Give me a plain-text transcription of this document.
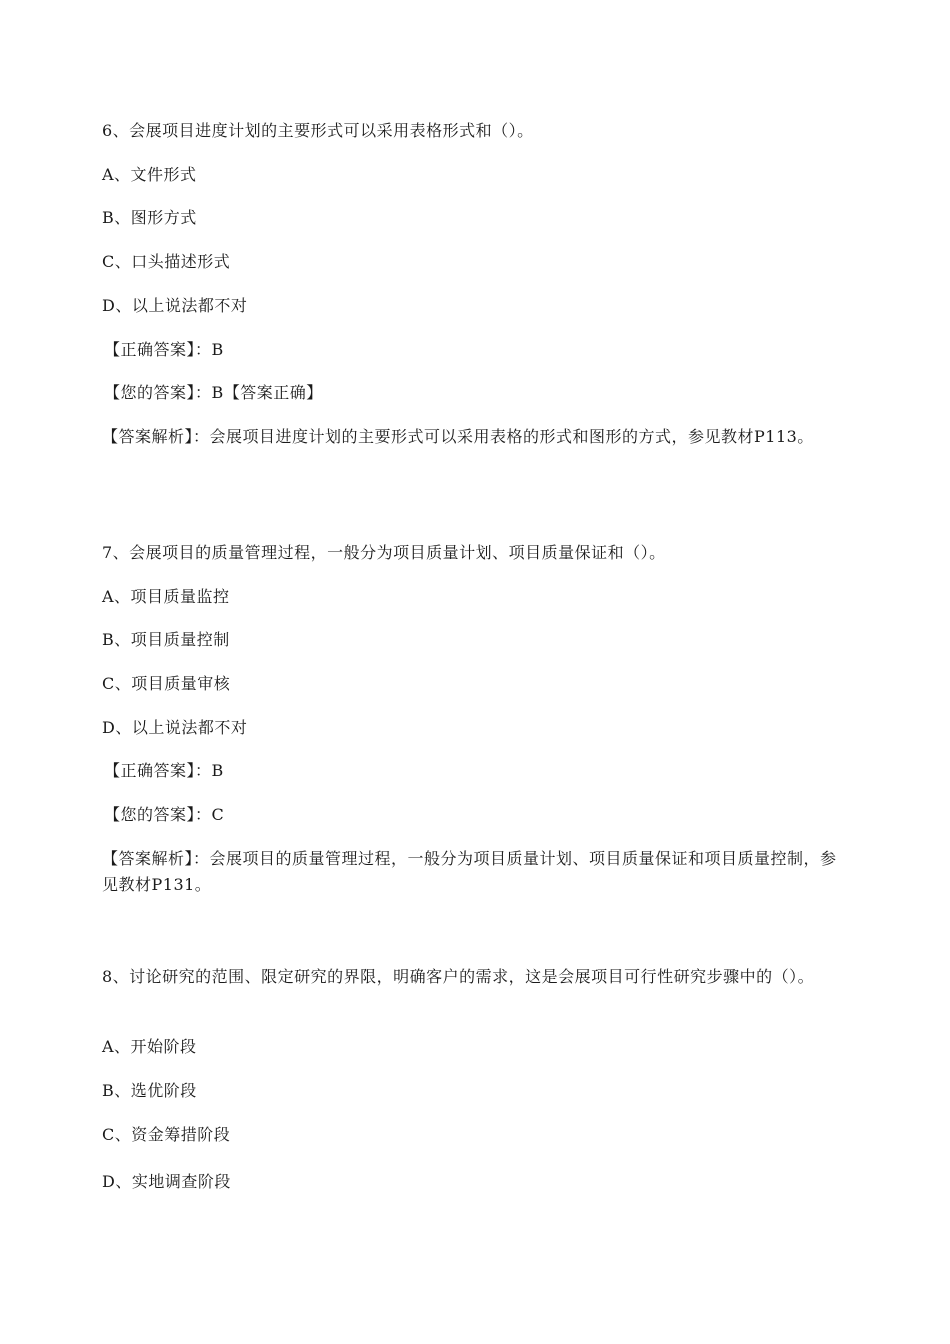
6、会展项目进度计划的主要形式可以采用表格形式和（）。
A、文件形式
B、图形方式
C、口头描述形式
D、以上说法都不对
【正确答案】：B
【您的答案】：B【答案正确】
【答案解析】：会展项目进度计划的主要形式可以采用表格的形式和图形的方式，参见教材P113。
7、会展项目的质量管理过程，一般分为项目质量计划、项目质量保证和（）。
A、项目质量监控
B、项目质量控制
C、项目质量审核
D、以上说法都不对
【正确答案】：B
【您的答案】：C
【答案解析】：会展项目的质量管理过程，一般分为项目质量计划、项目质量保证和项目质量控制，参见教材P131。
8、讨论研究的范围、限定研究的界限，明确客户的需求，这是会展项目可行性研究步骤中的（）。
A、开始阶段
B、选优阶段
C、资金筹措阶段
D、实地调查阶段
